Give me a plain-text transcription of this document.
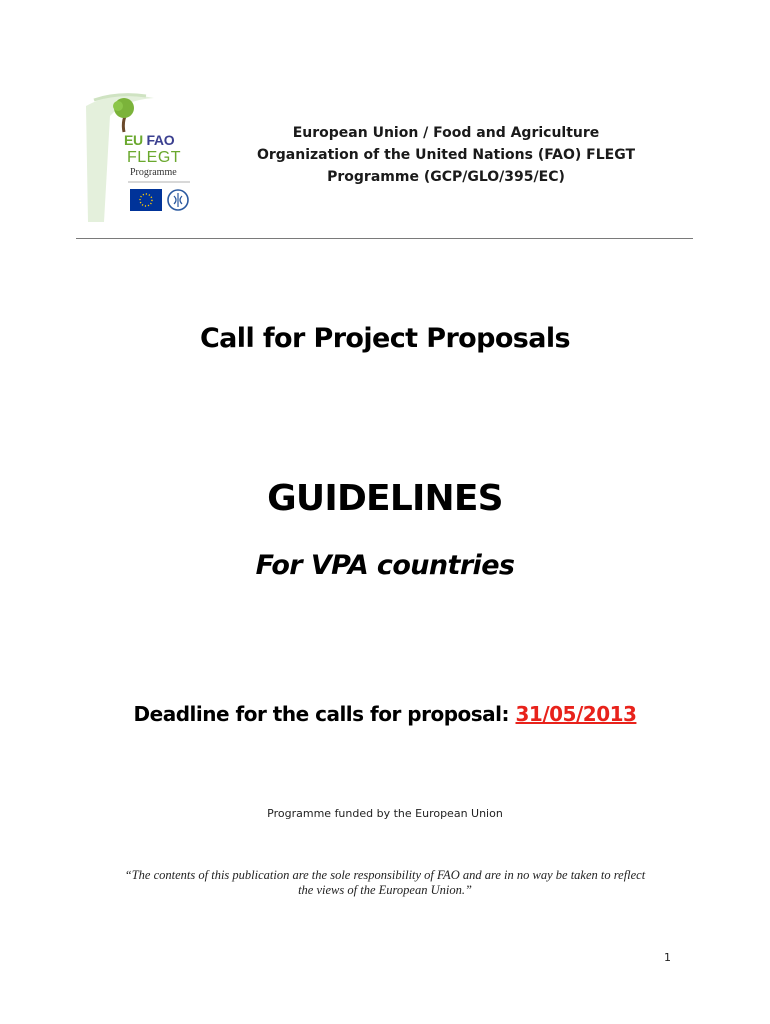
EU FAO
FLEGT
Programme
European Union / Food and Agriculture
Organization of the United Nations (FAO) FLEGT
Programme (GCP/GLO/395/EC)
Call for Project Proposals
GUIDELINES
For VPA countries
Deadline for the calls for proposal: 31/05/2013
Programme funded by the European Union
“The contents of this publication are the sole responsibility of FAO and are in no way be taken to reflect
the views of the European Union.”
1
